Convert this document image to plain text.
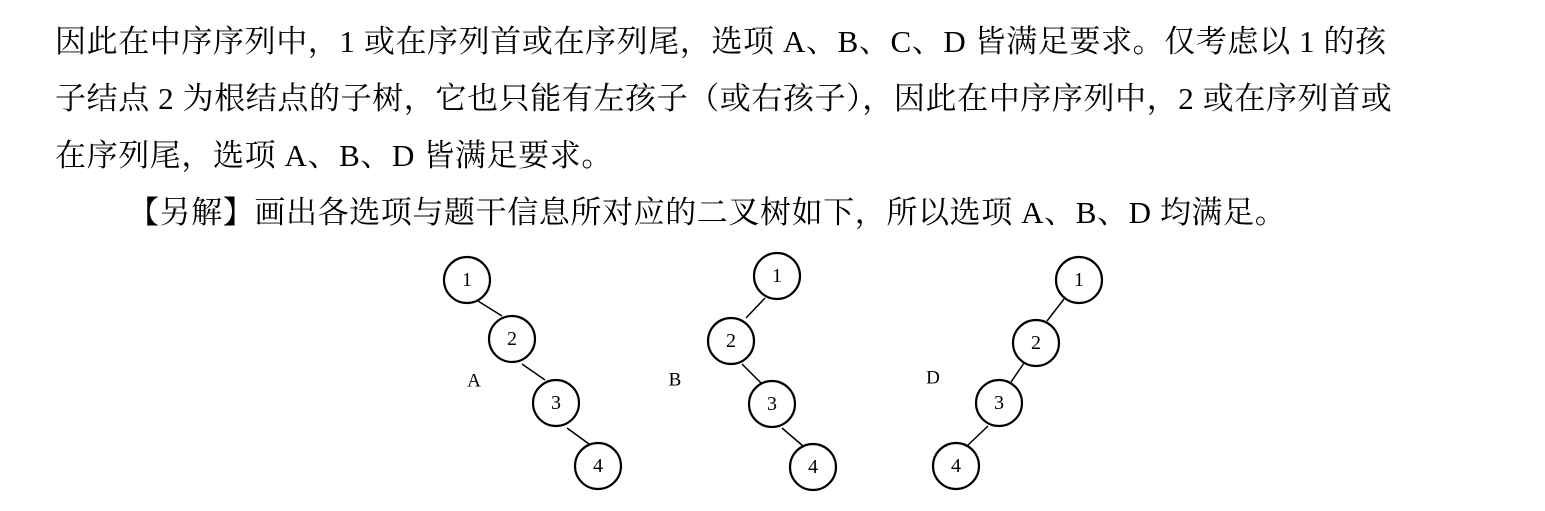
因此在中序序列中，1 或在序列首或在序列尾，选项 A、B、C、D 皆满足要求。仅考虑以 1 的孩
子结点 2 为根结点的子树，它也只能有左孩子（或右孩子），因此在中序序列中，2 或在序列首或
在序列尾，选项 A、B、D 皆满足要求。
【另解】画出各选项与题干信息所对应的二叉树如下，所以选项 A、B、D 均满足。
1
2
3
4
A
1
2
3
4
B
1
2
3
4
D
